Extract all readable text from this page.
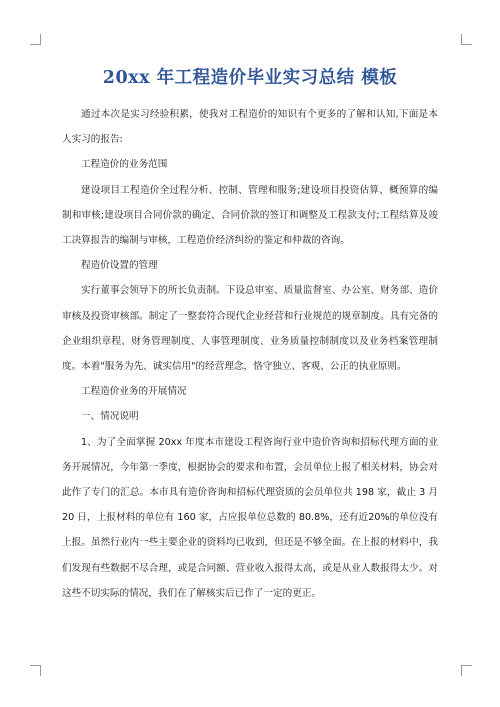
20xx 年工程造价毕业实习总结 模板

通过本次是实习经验积累，使我对工程造价的知识有个更多的了解和认知,下面是本人实习的报告:

工程造价的业务范围

建设项目工程造价全过程分析、控制、管理和服务;建设项目投资估算、概预算的编制和审核;建设项目合同价款的确定、合同价款的签订和调整及工程款支付;工程结算及竣工决算报告的编制与审核，工程造价经济纠纷的鉴定和仲裁的咨询。

程造价设置的管理

实行董事会领导下的所长负责制。下设总审室、质量监督室、办公室、财务部、造价审核及投资审核部。制定了一整套符合现代企业经营和行业规范的规章制度。具有完备的企业组织章程、财务管理制度、人事管理制度、业务质量控制制度以及业务档案管理制度。本着"服务为先、诚实信用"的经营理念，恪守独立、客观、公正的执业原则。

工程造价业务的开展情况

一、情况说明

1、为了全面掌握 20xx 年度本市建设工程咨询行业中造价咨询和招标代理方面的业务开展情况，今年第一季度，根据协会的要求和布置，会员单位上报了相关材料，协会对此作了专门的汇总。本市具有造价咨询和招标代理资质的会员单位共 198 家，截止 3 月 20 日，上报材料的单位有 160 家，占应报单位总数的 80.8%，还有近20%的单位没有上报。虽然行业内一些主要企业的资料均已收到，但还是不够全面。在上报的材料中，我们发现有些数据不尽合理，或是合同额、营业收入报得太高，或是从业人数报得太少。对这些不切实际的情况，我们在了解核实后已作了一定的更正。
